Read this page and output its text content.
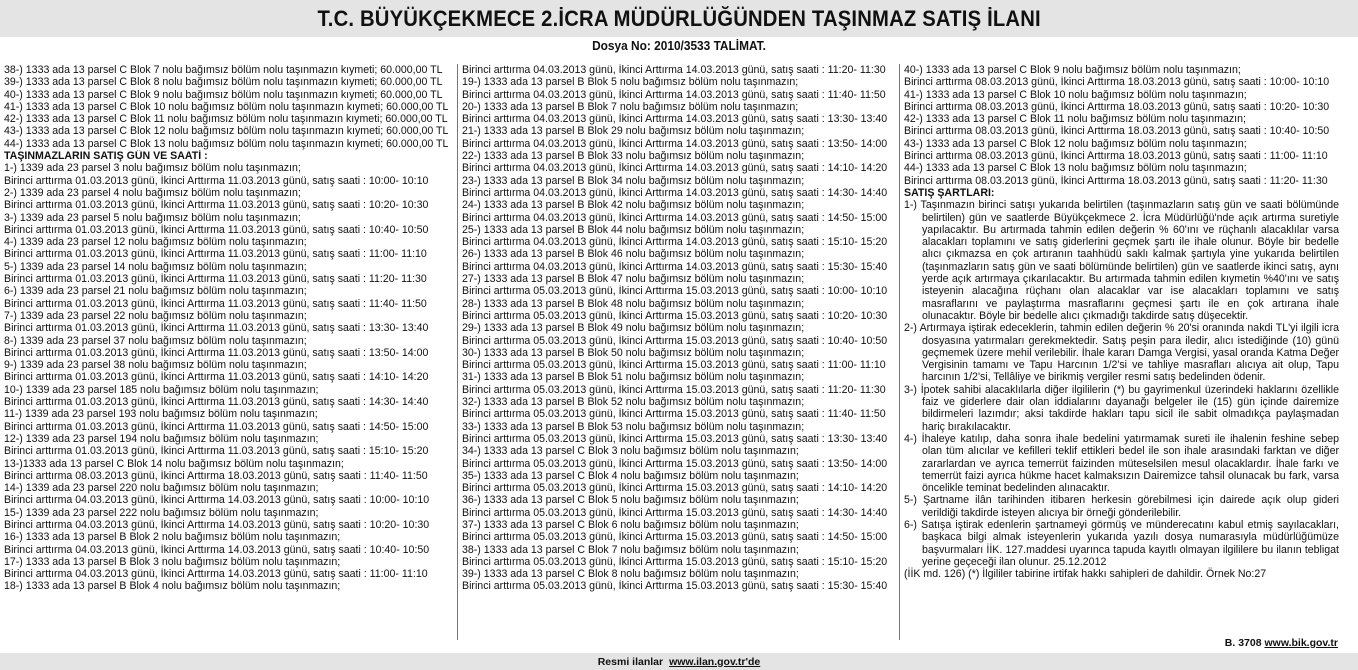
T.C. BÜYÜKÇEKMECE 2.İCRA MÜDÜRLÜĞÜNDEN TAŞINMAZ SATIŞ İLANI
Dosya No: 2010/3533 TALİMAT.
38-) 1333 ada 13 parsel C Blok 7 nolu bağımsız bölüm nolu taşınmazın kıymeti; 60.000,00 TL
39-) 1333 ada 13 parsel C Blok 8 nolu bağımsız bölüm nolu taşınmazın kıymeti; 60.000,00 TL
40-) 1333 ada 13 parsel C Blok 9 nolu bağımsız bölüm nolu taşınmazın kıymeti; 60.000,00 TL
41-) 1333 ada 13 parsel C Blok 10 nolu bağımsız bölüm nolu taşınmazın kıymeti; 60.000,00 TL
42-) 1333 ada 13 parsel C Blok 11 nolu bağımsız bölüm nolu taşınmazın kıymeti; 60.000,00 TL
43-) 1333 ada 13 parsel C Blok 12 nolu bağımsız bölüm nolu taşınmazın kıymeti; 60.000,00 TL
44-) 1333 ada 13 parsel C Blok 13 nolu bağımsız bölüm nolu taşınmazın kıymeti; 60.000,00 TL
TAŞINMAZLARIN SATIŞ GÜN VE SAATİ :
1-) 1339 ada 23 parsel 3 nolu bağımsız bölüm nolu taşınmazın;
Birinci arttırma 01.03.2013 günü, İkinci Arttırma 11.03.2013 günü, satış saati : 10:00- 10:10
2-) 1339 ada 23 parsel 4 nolu bağımsız bölüm nolu taşınmazın;
Birinci arttırma 01.03.2013 günü, İkinci Arttırma 11.03.2013 günü, satış saati : 10:20- 10:30
3-) 1339 ada 23 parsel 5 nolu bağımsız bölüm nolu taşınmazın;
Birinci arttırma 01.03.2013 günü, İkinci Arttırma 11.03.2013 günü, satış saati : 10:40- 10:50
4-) 1339 ada 23 parsel 12 nolu bağımsız bölüm nolu taşınmazın;
Birinci arttırma 01.03.2013 günü, İkinci Arttırma 11.03.2013 günü, satış saati : 11:00- 11:10
5-) 1339 ada 23 parsel 14 nolu bağımsız bölüm nolu taşınmazın;
Birinci arttırma 01.03.2013 günü, İkinci Arttırma 11.03.2013 günü, satış saati : 11:20- 11:30
6-) 1339 ada 23 parsel 21 nolu bağımsız bölüm nolu taşınmazın;
Birinci arttırma 01.03.2013 günü, İkinci Arttırma 11.03.2013 günü, satış saati : 11:40- 11:50
7-) 1339 ada 23 parsel 22 nolu bağımsız bölüm nolu taşınmazın;
Birinci arttırma 01.03.2013 günü, İkinci Arttırma 11.03.2013 günü, satış saati : 13:30- 13:40
8-) 1339 ada 23 parsel 37 nolu bağımsız bölüm nolu taşınmazın;
Birinci arttırma 01.03.2013 günü, İkinci Arttırma 11.03.2013 günü, satış saati : 13:50- 14:00
9-) 1339 ada 23 parsel 38 nolu bağımsız bölüm nolu taşınmazın;
Birinci arttırma 01.03.2013 günü, İkinci Arttırma 11.03.2013 günü, satış saati : 14:10- 14:20
10-) 1339 ada 23 parsel 185 nolu bağımsız bölüm nolu taşınmazın;
Birinci arttırma 01.03.2013 günü, İkinci Arttırma 11.03.2013 günü, satış saati : 14:30- 14:40
11-) 1339 ada 23 parsel 193 nolu bağımsız bölüm nolu taşınmazın;
Birinci arttırma 01.03.2013 günü, İkinci Arttırma 11.03.2013 günü, satış saati : 14:50- 15:00
12-) 1339 ada 23 parsel 194 nolu bağımsız bölüm nolu taşınmazın;
Birinci arttırma 01.03.2013 günü, İkinci Arttırma 11.03.2013 günü, satış saati : 15:10- 15:20
13-)1333 ada 13 parsel C Blok 14 nolu bağımsız bölüm nolu taşınmazın;
Birinci arttırma 08.03.2013 günü, İkinci Arttırma 18.03.2013 günü, satış saati : 11:40- 11:50
14-) 1339 ada 23 parsel 220 nolu bağımsız bölüm nolu taşınmazın;
Birinci arttırma 04.03.2013 günü, İkinci Arttırma 14.03.2013 günü, satış saati : 10:00- 10:10
15-) 1339 ada 23 parsel 222 nolu bağımsız bölüm nolu taşınmazın;
Birinci arttırma 04.03.2013 günü, İkinci Arttırma 14.03.2013 günü, satış saati : 10:20- 10:30
16-) 1333 ada 13 parsel B Blok 2 nolu bağımsız bölüm nolu taşınmazın;
Birinci arttırma 04.03.2013 günü, İkinci Arttırma 14.03.2013 günü, satış saati : 10:40- 10:50
17-) 1333 ada 13 parsel B Blok 3 nolu bağımsız bölüm nolu taşınmazın;
Birinci arttırma 04.03.2013 günü, İkinci Arttırma 14.03.2013 günü, satış saati : 11:00- 11:10
18-) 1333 ada 13 parsel B Blok 4 nolu bağımsız bölüm nolu taşınmazın;
Birinci arttırma 04.03.2013 günü, İkinci Arttırma 14.03.2013 günü, satış saati : 11:20- 11:30
19-) 1333 ada 13 parsel B Blok 5 nolu bağımsız bölüm nolu taşınmazın;
Birinci arttırma 04.03.2013 günü, İkinci Arttırma 14.03.2013 günü, satış saati : 11:40- 11:50
20-) 1333 ada 13 parsel B Blok 7 nolu bağımsız bölüm nolu taşınmazın;
Birinci arttırma 04.03.2013 günü, İkinci Arttırma 14.03.2013 günü, satış saati : 13:30- 13:40
21-) 1333 ada 13 parsel B Blok 29 nolu bağımsız bölüm nolu taşınmazın;
Birinci arttırma 04.03.2013 günü, İkinci Arttırma 14.03.2013 günü, satış saati : 13:50- 14:00
22-) 1333 ada 13 parsel B Blok 33 nolu bağımsız bölüm nolu taşınmazın;
Birinci arttırma 04.03.2013 günü, İkinci Arttırma 14.03.2013 günü, satış saati : 14:10- 14:20
23-) 1333 ada 13 parsel B Blok 34 nolu bağımsız bölüm nolu taşınmazın;
Birinci arttırma 04.03.2013 günü, İkinci Arttırma 14.03.2013 günü, satış saati : 14:30- 14:40
24-) 1333 ada 13 parsel B Blok 42 nolu bağımsız bölüm nolu taşınmazın;
Birinci arttırma 04.03.2013 günü, İkinci Arttırma 14.03.2013 günü, satış saati : 14:50- 15:00
25-) 1333 ada 13 parsel B Blok 44 nolu bağımsız bölüm nolu taşınmazın;
Birinci arttırma 04.03.2013 günü, İkinci Arttırma 14.03.2013 günü, satış saati : 15:10- 15:20
26-) 1333 ada 13 parsel B Blok 46 nolu bağımsız bölüm nolu taşınmazın;
Birinci arttırma 04.03.2013 günü, İkinci Arttırma 14.03.2013 günü, satış saati : 15:30- 15:40
27-) 1333 ada 13 parsel B Blok 47 nolu bağımsız bölüm nolu taşınmazın;
Birinci arttırma 05.03.2013 günü, İkinci Arttırma 15.03.2013 günü, satış saati : 10:00- 10:10
28-) 1333 ada 13 parsel B Blok 48 nolu bağımsız bölüm nolu taşınmazın;
Birinci arttırma 05.03.2013 günü, İkinci Arttırma 15.03.2013 günü, satış saati : 10:20- 10:30
29-) 1333 ada 13 parsel B Blok 49 nolu bağımsız bölüm nolu taşınmazın;
Birinci arttırma 05.03.2013 günü, İkinci Arttırma 15.03.2013 günü, satış saati : 10:40- 10:50
30-) 1333 ada 13 parsel B Blok 50 nolu bağımsız bölüm nolu taşınmazın;
Birinci arttırma 05.03.2013 günü, İkinci Arttırma 15.03.2013 günü, satış saati : 11:00- 11:10
31-) 1333 ada 13 parsel B Blok 51 nolu bağımsız bölüm nolu taşınmazın;
Birinci arttırma 05.03.2013 günü, İkinci Arttırma 15.03.2013 günü, satış saati : 11:20- 11:30
32-) 1333 ada 13 parsel B Blok 52 nolu bağımsız bölüm nolu taşınmazın;
Birinci arttırma 05.03.2013 günü, İkinci Arttırma 15.03.2013 günü, satış saati : 11:40- 11:50
33-) 1333 ada 13 parsel B Blok 53 nolu bağımsız bölüm nolu taşınmazın;
Birinci arttırma 05.03.2013 günü, İkinci Arttırma 15.03.2013 günü, satış saati : 13:30- 13:40
34-) 1333 ada 13 parsel C Blok 3 nolu bağımsız bölüm nolu taşınmazın;
Birinci arttırma 05.03.2013 günü, İkinci Arttırma 15.03.2013 günü, satış saati : 13:50- 14:00
35-) 1333 ada 13 parsel C Blok 4 nolu bağımsız bölüm nolu taşınmazın;
Birinci arttırma 05.03.2013 günü, İkinci Arttırma 15.03.2013 günü, satış saati : 14:10- 14:20
36-) 1333 ada 13 parsel C Blok 5 nolu bağımsız bölüm nolu taşınmazın;
Birinci arttırma 05.03.2013 günü, İkinci Arttırma 15.03.2013 günü, satış saati : 14:30- 14:40
37-) 1333 ada 13 parsel C Blok 6 nolu bağımsız bölüm nolu taşınmazın;
Birinci arttırma 05.03.2013 günü, İkinci Arttırma 15.03.2013 günü, satış saati : 14:50- 15:00
38-) 1333 ada 13 parsel C Blok 7 nolu bağımsız bölüm nolu taşınmazın;
Birinci arttırma 05.03.2013 günü, İkinci Arttırma 15.03.2013 günü, satış saati : 15:10- 15:20
39-) 1333 ada 13 parsel C Blok 8 nolu bağımsız bölüm nolu taşınmazın;
Birinci arttırma 05.03.2013 günü, İkinci Arttırma 15.03.2013 günü, satış saati : 15:30- 15:40
40-) 1333 ada 13 parsel C Blok 9 nolu bağımsız bölüm nolu taşınmazın;
Birinci arttırma 08.03.2013 günü, İkinci Arttırma 18.03.2013 günü, satış saati : 10:00- 10:10
41-) 1333 ada 13 parsel C Blok 10 nolu bağımsız bölüm nolu taşınmazın;
Birinci arttırma 08.03.2013 günü, İkinci Arttırma 18.03.2013 günü, satış saati : 10:20- 10:30
42-) 1333 ada 13 parsel C Blok 11 nolu bağımsız bölüm nolu taşınmazın;
Birinci arttırma 08.03.2013 günü, İkinci Arttırma 18.03.2013 günü, satış saati : 10:40- 10:50
43-) 1333 ada 13 parsel C Blok 12 nolu bağımsız bölüm nolu taşınmazın;
Birinci arttırma 08.03.2013 günü, İkinci Arttırma 18.03.2013 günü, satış saati : 11:00- 11:10
44-) 1333 ada 13 parsel C Blok 13 nolu bağımsız bölüm nolu taşınmazın;
Birinci arttırma 08.03.2013 günü, İkinci Arttırma 18.03.2013 günü, satış saati : 11:20- 11:30
SATIŞ ŞARTLARI:
1-) Taşınmazın birinci satışı yukarıda belirtilen (taşınmazların satış gün ve saati bölümünde belirtilen) gün ve saatlerde Büyükçekmece 2. İcra Müdürlüğü'nde açık artırma suretiyle yapılacaktır. Bu artırmada tahmin edilen değerin % 60'ını ve rüçhanlı alacaklılar varsa alacakları toplamını ve satış giderlerini geçmek şartı ile ihale olunur. Böyle bir bedelle alıcı çıkmazsa en çok artıranın taahhüdü saklı kalmak şartıyla yine yukarıda belirtilen (taşınmazların satış gün ve saati bölümünde belirtilen) gün ve saatlerde ikinci satış, aynı yerde açık artırmaya çıkarılacaktır. Bu artırmada tahmin edilen kıymetin %40'ını ve satış isteyenin alacağına rüçhanı olan alacaklar var ise alacakları toplamını ve satış masraflarını ve paylaştırma masraflarını geçmesi şartı ile en çok artırana ihale olunacaktır. Böyle bir bedelle alıcı çıkmadığı takdirde satış düşecektir.
2-) Artırmaya iştirak edeceklerin, tahmin edilen değerin % 20'si oranında nakdi TL'yi ilgili icra dosyasına yatırmaları gerekmektedir. Satış peşin para iledir, alıcı istediğinde (10) günü geçmemek üzere mehil verilebilir. İhale kararı Damga Vergisi, yasal oranda Katma Değer Vergisinin tamamı ve Tapu Harcının 1/2'si ve tahliye masrafları alıcıya ait olup, Tapu harcının 1/2'si, Tellâliye ve birikmiş vergiler resmi satış bedelinden ödenir.
3-) İpotek sahibi alacaklılarla diğer ilgililerin (*) bu gayrimenkul üzerindeki haklarını özellikle faiz ve giderlere dair olan iddialarını dayanağı belgeler ile (15) gün içinde dairemize bildirmeleri lazımdır; aksi takdirde hakları tapu sicil ile sabit olmadıkça paylaşmadan hariç bırakılacaktır.
4-) İhaleye katılıp, daha sonra ihale bedelini yatırmamak sureti ile ihalenin feshine sebep olan tüm alıcılar ve kefilleri teklif ettikleri bedel ile son ihale arasındaki farktan ve diğer zararlardan ve ayrıca temerrüt faizinden müteselsilen mesul olacaklardır. İhale farkı ve temerrüt faizi ayrıca hükme hacet kalmaksızın Dairemizce tahsil olunacak bu fark, varsa öncelikle teminat bedelinden alınacaktır.
5-) Şartname ilân tarihinden itibaren herkesin görebilmesi için dairede açık olup gideri verildiği takdirde isteyen alıcıya bir örneği gönderilebilir.
6-) Satışa iştirak edenlerin şartnameyi görmüş ve münderecatını kabul etmiş sayılacakları, başkaca bilgi almak isteyenlerin yukarıda yazılı dosya numarasıyla müdürlüğümüze başvurmaları İİK. 127.maddesi uyarınca tapuda kayıtlı olmayan ilgililere bu ilanın tebligat yerine geçeceği ilan olunur. 25.12.2012
(İİK md. 126) (*) İlgililer tabirine irtifak hakkı sahipleri de dahildir. Örnek No:27
B. 3708 www.bik.gov.tr
Resmi ilanlar www.ilan.gov.tr'de
